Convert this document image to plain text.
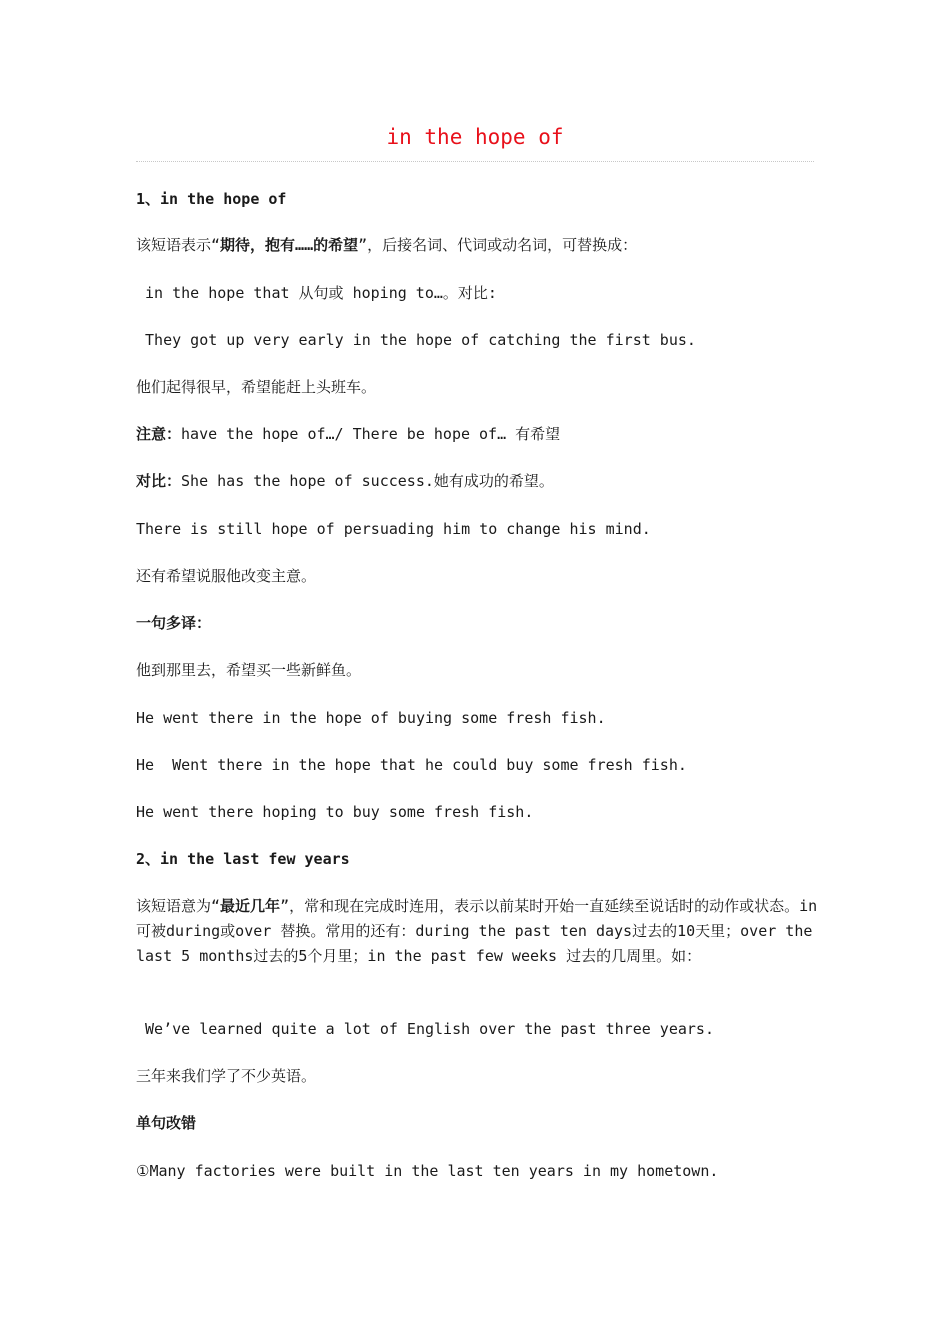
in the hope of
1、in the hope of
该短语表示“期待，抱有……的希望”，后接名词、代词或动名词，可替换成：
in the hope that 从句或 hoping to…。对比:
They got up very early in the hope of catching the first bus.
他们起得很早，希望能赶上头班车。
注意：have the hope of…/ There be hope of… 有希望
对比：She has the hope of success.她有成功的希望。
There is still hope of persuading him to change his mind.
还有希望说服他改变主意。
一句多译：
他到那里去，希望买一些新鲜鱼。
He went there in the hope of buying some fresh fish.
He  Went there in the hope that he could buy some fresh fish.
He went there hoping to buy some fresh fish.
2、in the last few years
该短语意为“最近几年”，常和现在完成时连用，表示以前某时开始一直延续至说话时的动作或状态。in可被during或over 替换。常用的还有：during the past ten days过去的10天里；over the last 5 months过去的5个月里；in the past few weeks 过去的几周里。如：
We’ve learned quite a lot of English over the past three years.
三年来我们学了不少英语。
单句改错
①Many factories were built in the last ten years in my hometown.
